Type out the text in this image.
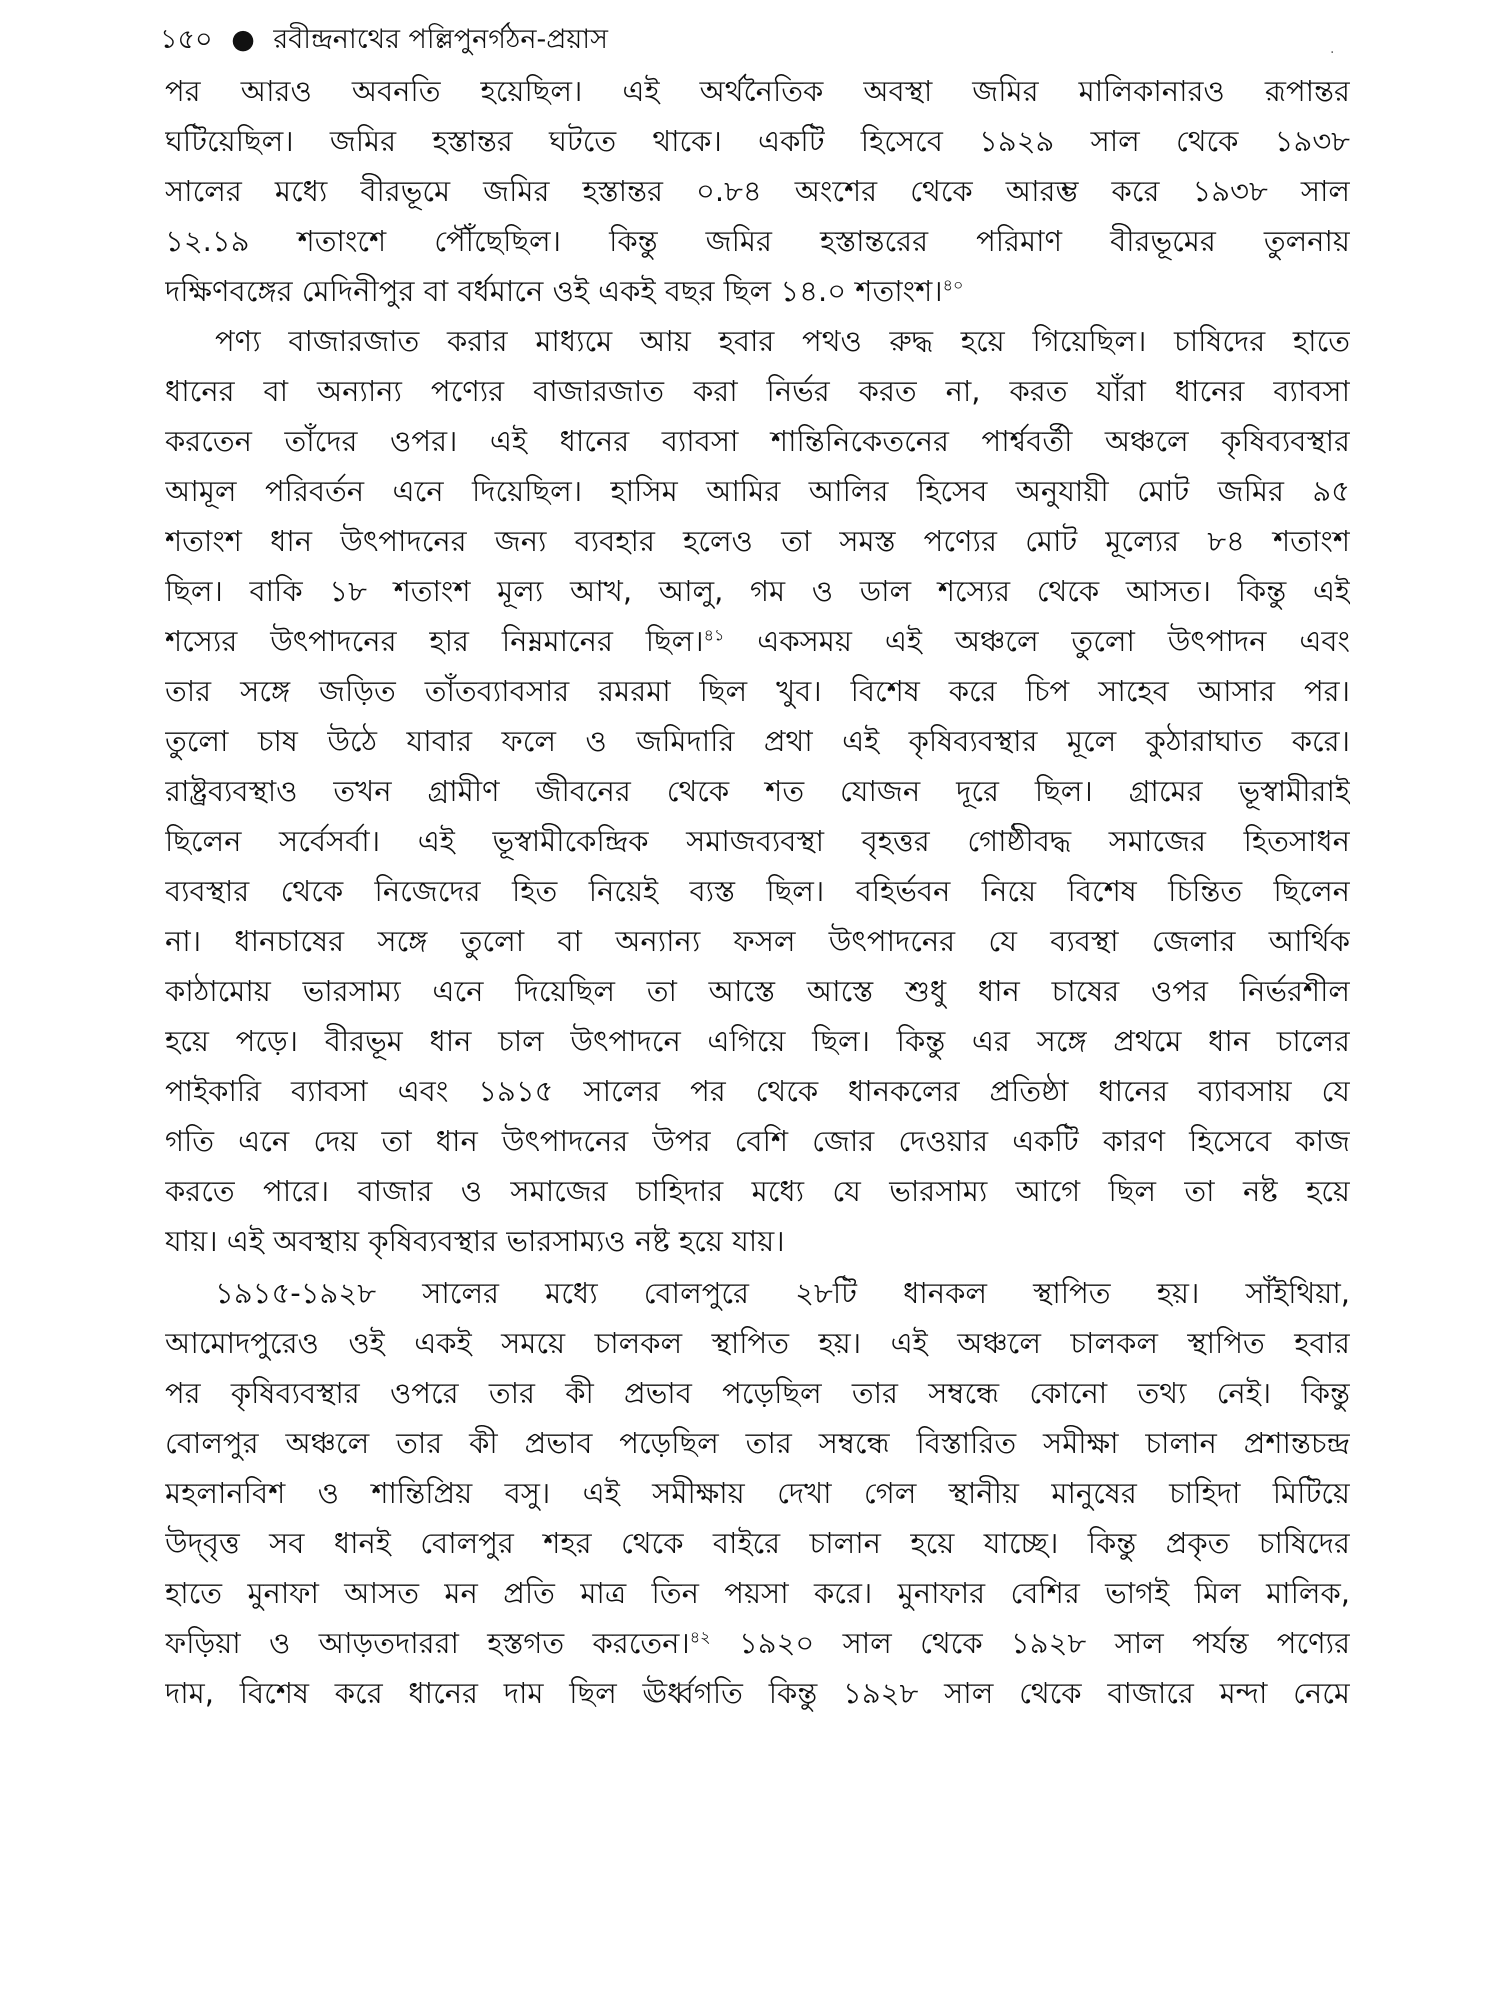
১৫০ ● রবীন্দ্রনাথের পল্লিপুনর্গঠন-প্রয়াস	·
পর আরও অবনতি হয়েছিল। এই অর্থনৈতিক অবস্থা জমির মালিকানারও রূপান্তর
ঘটিয়েছিল। জমির হস্তান্তর ঘটতে থাকে। একটি হিসেবে ১৯২৯ সাল থেকে ১৯৩৮
সালের মধ্যে বীরভূমে জমির হস্তান্তর ০.৮৪ অংশের থেকে আরম্ভ করে ১৯৩৮ সাল
১২.১৯ শতাংশে পৌঁছেছিল। কিন্তু জমির হস্তান্তরের পরিমাণ বীরভূমের তুলনায়
দক্ষিণবঙ্গের মেদিনীপুর বা বর্ধমানে ওই একই বছর ছিল ১৪.০ শতাংশ।$^{৪০}$
পণ্য বাজারজাত করার মাধ্যমে আয় হবার পথও রুদ্ধ হয়ে গিয়েছিল। চাষিদের হাতে
ধানের বা অন্যান্য পণ্যের বাজারজাত করা নির্ভর করত না, করত যাঁরা ধানের ব্যাবসা
করতেন তাঁদের ওপর। এই ধানের ব্যাবসা শান্তিনিকেতনের পার্শ্ববর্তী অঞ্চলে কৃষিব্যবস্থার
আমূল পরিবর্তন এনে দিয়েছিল। হাসিম আমির আলির হিসেব অনুযায়ী মোট জমির ৯৫
শতাংশ ধান উৎপাদনের জন্য ব্যবহার হলেও তা সমস্ত পণ্যের মোট মূল্যের ৮৪ শতাংশ
ছিল। বাকি ১৮ শতাংশ মূল্য আখ, আলু, গম ও ডাল শস্যের থেকে আসত। কিন্তু এই
শস্যের উৎপাদনের হার নিম্নমানের ছিল।$^{৪১}$ একসময় এই অঞ্চলে তুলো উৎপাদন এবং
তার সঙ্গে জড়িত তাঁতব্যাবসার রমরমা ছিল খুব। বিশেষ করে চিপ সাহেব আসার পর।
তুলো চাষ উঠে যাবার ফলে ও জমিদারি প্রথা এই কৃষিব্যবস্থার মূলে কুঠারাঘাত করে।
রাষ্ট্রব্যবস্থাও তখন গ্রামীণ জীবনের থেকে শত যোজন দূরে ছিল। গ্রামের ভূস্বামীরাই
ছিলেন সর্বেসর্বা। এই ভূস্বামীকেন্দ্রিক সমাজব্যবস্থা বৃহত্তর গোষ্ঠীবদ্ধ সমাজের হিতসাধন
ব্যবস্থার থেকে নিজেদের হিত নিয়েই ব্যস্ত ছিল। বহির্ভবন নিয়ে বিশেষ চিন্তিত ছিলেন
না। ধানচাষের সঙ্গে তুলো বা অন্যান্য ফসল উৎপাদনের যে ব্যবস্থা জেলার আর্থিক
কাঠামোয় ভারসাম্য এনে দিয়েছিল তা আস্তে আস্তে শুধু ধান চাষের ওপর নির্ভরশীল
হয়ে পড়ে। বীরভূম ধান চাল উৎপাদনে এগিয়ে ছিল। কিন্তু এর সঙ্গে প্রথমে ধান চালের
পাইকারি ব্যাবসা এবং ১৯১৫ সালের পর থেকে ধানকলের প্রতিষ্ঠা ধানের ব্যাবসায় যে
গতি এনে দেয় তা ধান উৎপাদনের উপর বেশি জোর দেওয়ার একটি কারণ হিসেবে কাজ
করতে পারে। বাজার ও সমাজের চাহিদার মধ্যে যে ভারসাম্য আগে ছিল তা নষ্ট হয়ে
যায়। এই অবস্থায় কৃষিব্যবস্থার ভারসাম্যও নষ্ট হয়ে যায়।
১৯১৫-১৯২৮ সালের মধ্যে বোলপুরে ২৮টি ধানকল স্থাপিত হয়। সাঁইথিয়া,
আমোদপুরেও ওই একই সময়ে চালকল স্থাপিত হয়। এই অঞ্চলে চালকল স্থাপিত হবার
পর কৃষিব্যবস্থার ওপরে তার কী প্রভাব পড়েছিল তার সম্বন্ধে কোনো তথ্য নেই। কিন্তু
বোলপুর অঞ্চলে তার কী প্রভাব পড়েছিল তার সম্বন্ধে বিস্তারিত সমীক্ষা চালান প্রশান্তচন্দ্র
মহলানবিশ ও শান্তিপ্রিয় বসু। এই সমীক্ষায় দেখা গেল স্থানীয় মানুষের চাহিদা মিটিয়ে
উদ্‌বৃত্ত সব ধানই বোলপুর শহর থেকে বাইরে চালান হয়ে যাচ্ছে। কিন্তু প্রকৃত চাষিদের
হাতে মুনাফা আসত মন প্রতি মাত্র তিন পয়সা করে। মুনাফার বেশির ভাগই মিল মালিক,
ফড়িয়া ও আড়তদাররা হস্তগত করতেন।$^{৪২}$ ১৯২০ সাল থেকে ১৯২৮ সাল পর্যন্ত পণ্যের
দাম, বিশেষ করে ধানের দাম ছিল ঊর্ধ্বগতি কিন্তু ১৯২৮ সাল থেকে বাজারে মন্দা নেমে
